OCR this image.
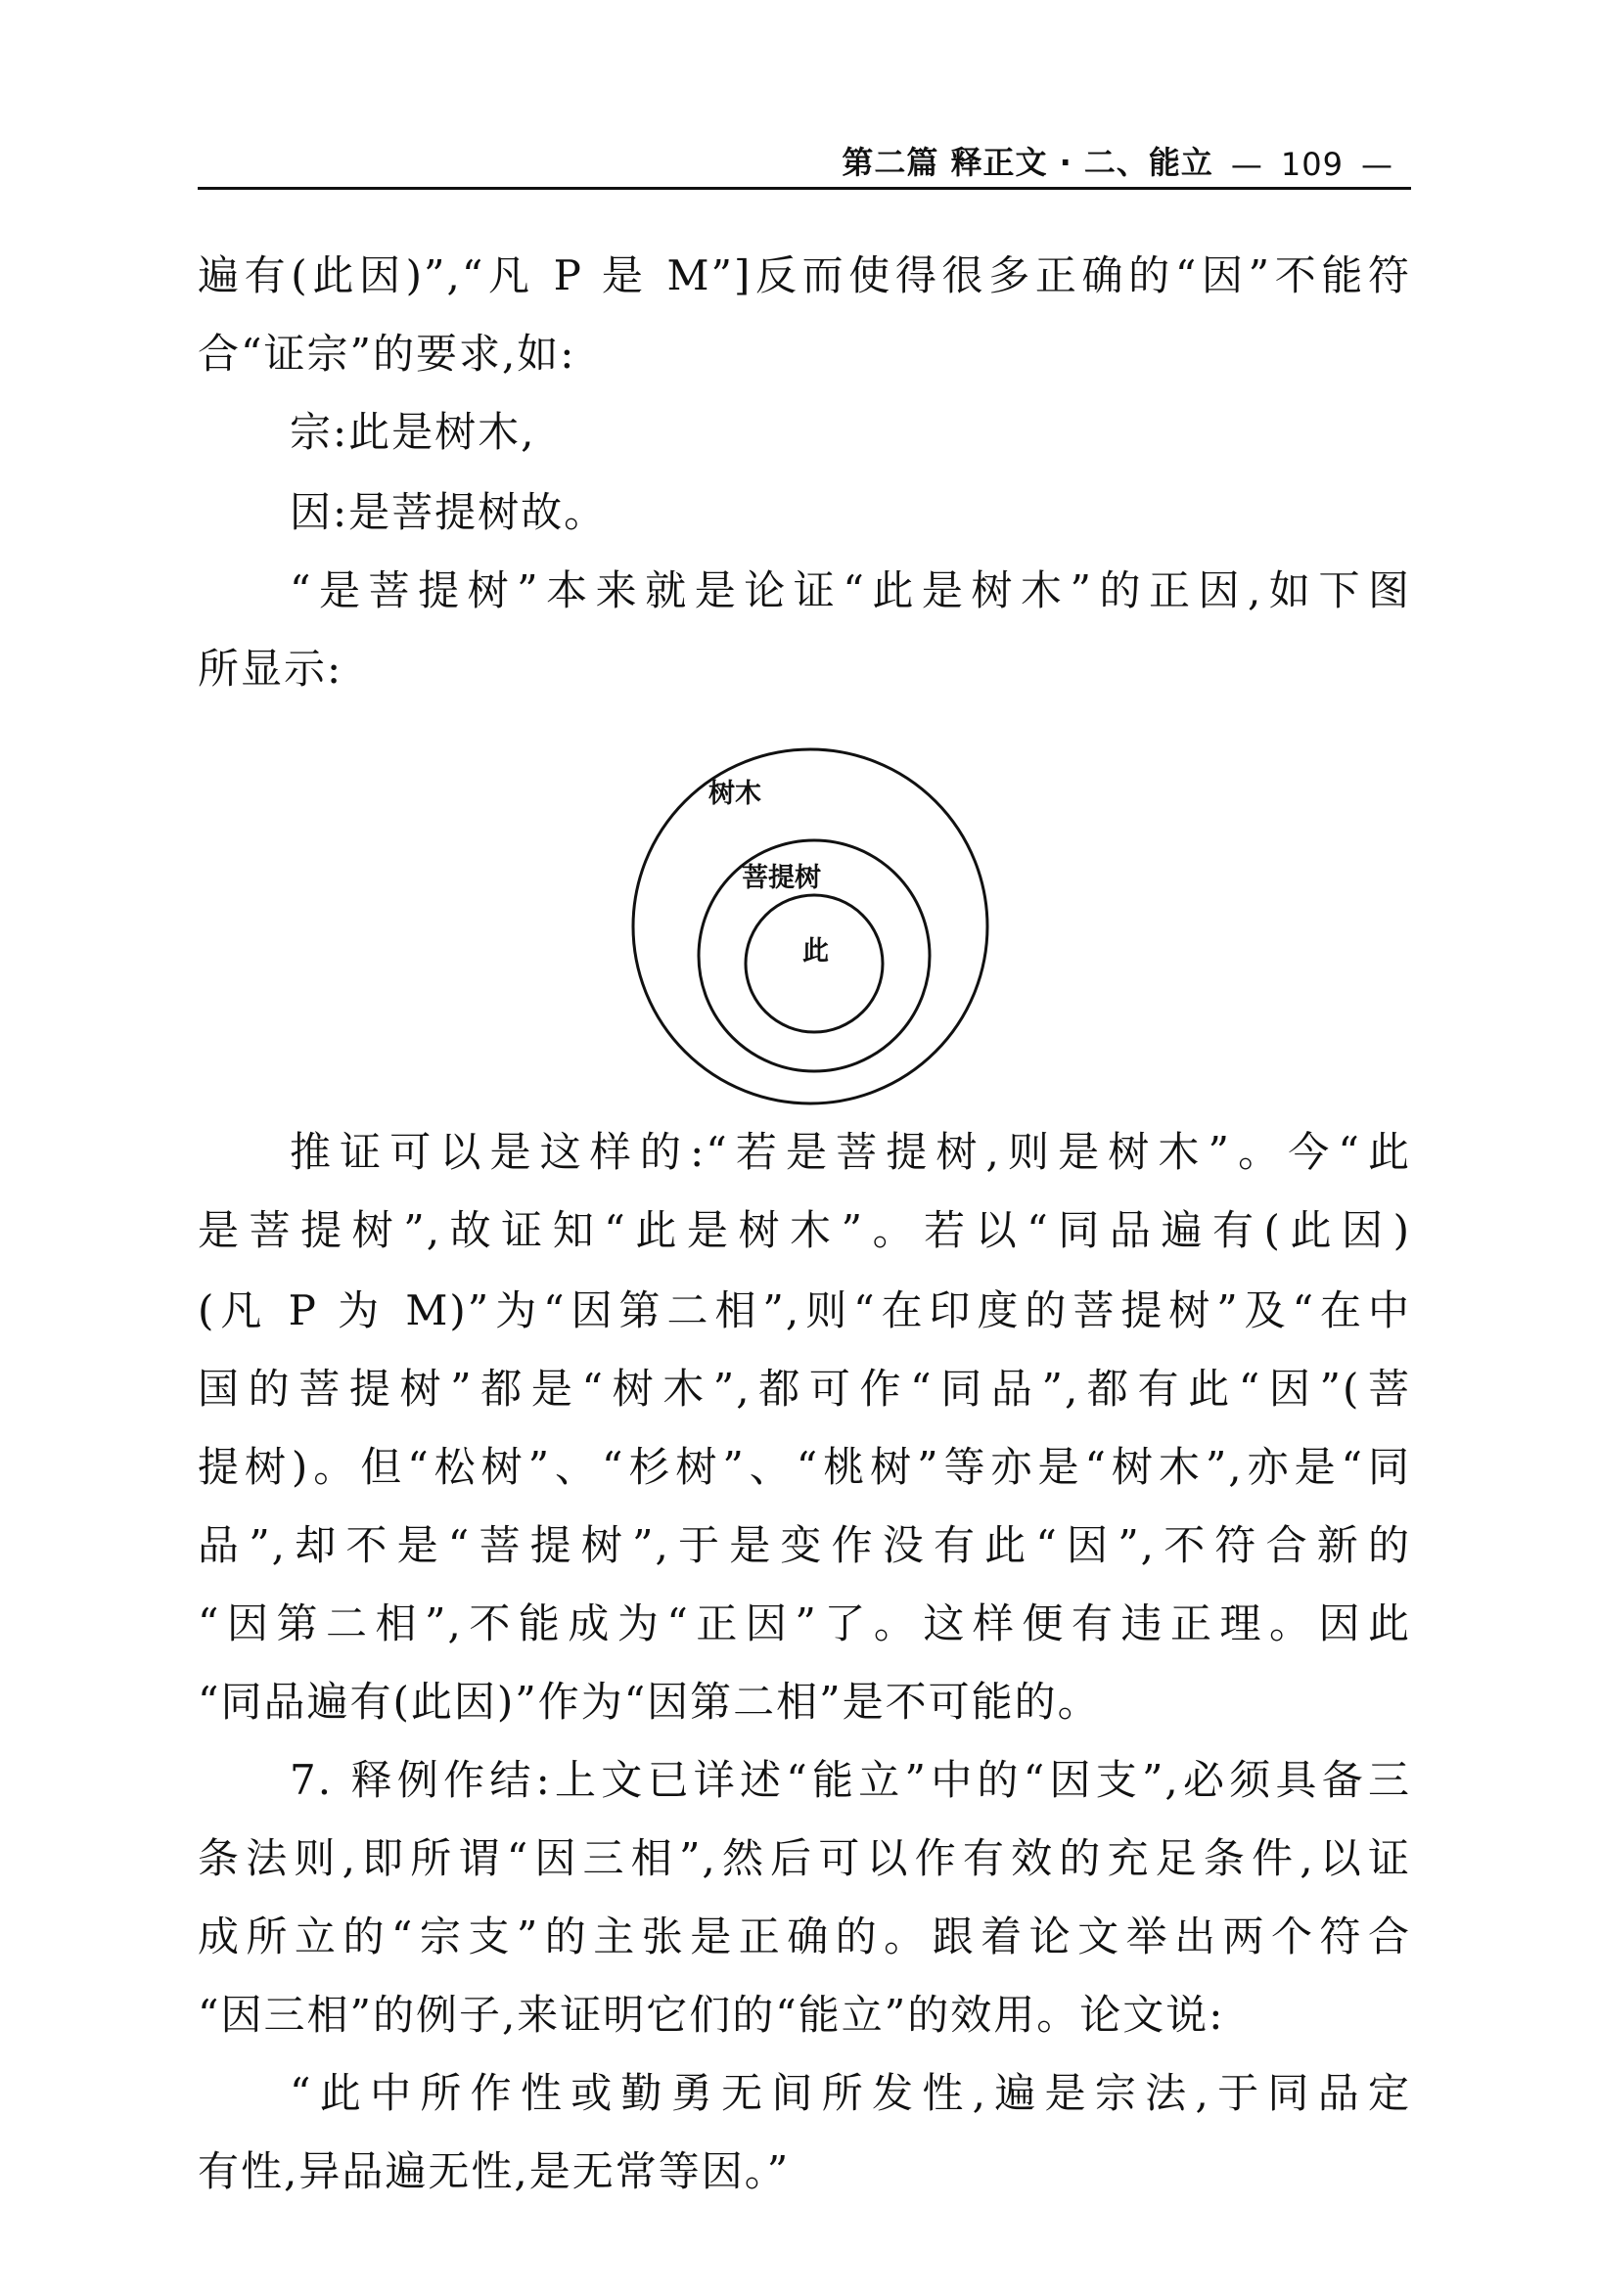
第二篇 释正文 · 二、能立 — 109 —
遍有(此因)”,“凡 P 是 M”]反而使得很多正确的“因”不能符
合“证宗”的要求,如:
宗:此是树木,
因:是菩提树故。
“是菩提树”本来就是论证“此是树木”的正因,如下图
所显示:
树木
菩提树
此
推证可以是这样的:“若是菩提树,则是树木”。今“此
是菩提树”,故证知“此是树木”。若以“同品遍有(此因)
(凡 P 为 M)”为“因第二相”,则“在印度的菩提树”及“在中
国的菩提树”都是“树木”,都可作“同品”,都有此“因”(菩
提树)。但“松树”、“杉树”、“桃树”等亦是“树木”,亦是“同
品”,却不是“菩提树”,于是变作没有此“因”,不符合新的
“因第二相”,不能成为“正因”了。这样便有违正理。因此
“同品遍有(此因)”作为“因第二相”是不可能的。
7. 释例作结:上文已详述“能立”中的“因支”,必须具备三
条法则,即所谓“因三相”,然后可以作有效的充足条件,以证
成所立的“宗支”的主张是正确的。跟着论文举出两个符合
“因三相”的例子,来证明它们的“能立”的效用。论文说:
“此中所作性或勤勇无间所发性,遍是宗法,于同品定
有性,异品遍无性,是无常等因。”
